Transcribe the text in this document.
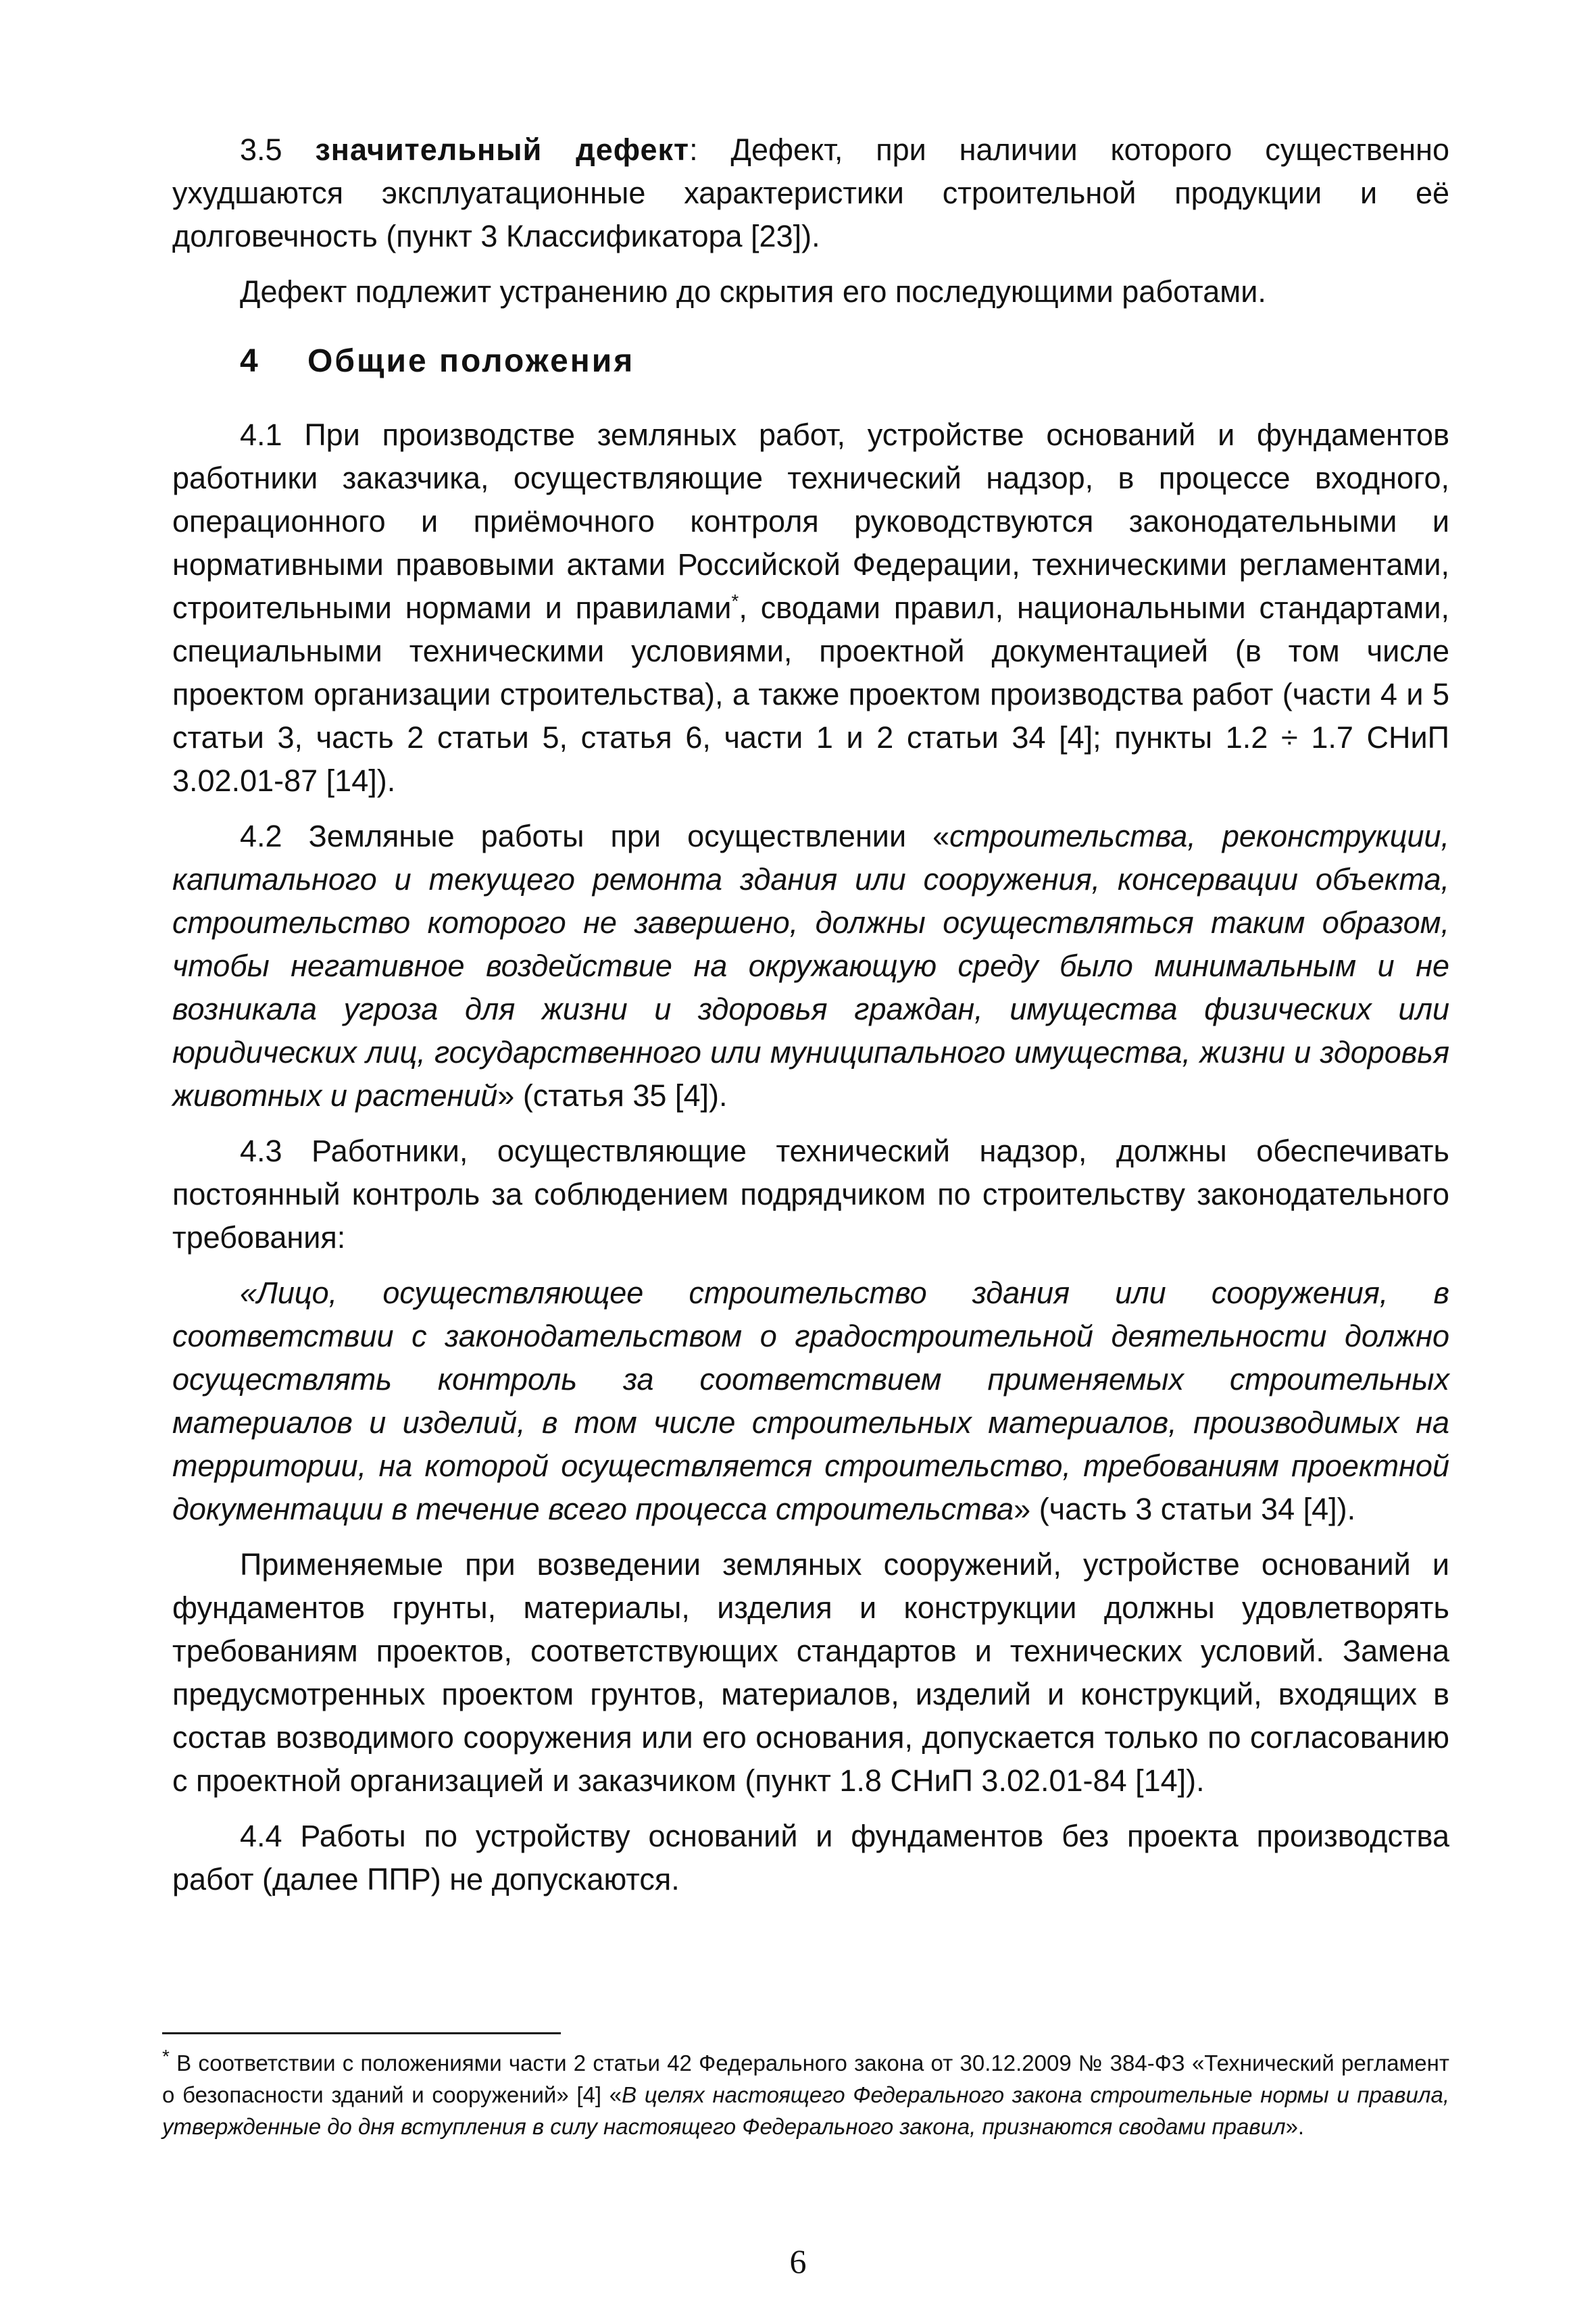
3.5 значительный дефект: Дефект, при наличии которого существенно ухудшаются эксплуатационные характеристики строительной продукции и её долговечность (пункт 3 Классификатора [23]).

Дефект подлежит устранению до скрытия его последующими работами.

4 Общие положения

4.1 При производстве земляных работ, устройстве оснований и фундаментов работники заказчика, осуществляющие технический надзор, в процессе входного, операционного и приёмочного контроля руководствуются законодательными и нормативными правовыми актами Российской Федерации, техническими регламентами, строительными нормами и правилами*, сводами правил, национальными стандартами, специальными техническими условиями, проектной документацией (в том числе проектом организации строительства), а также проектом производства работ (части 4 и 5 статьи 3, часть 2 статьи 5, статья 6, части 1 и 2 статьи 34 [4]; пункты 1.2 ÷ 1.7 СНиП 3.02.01-87 [14]).

4.2 Земляные работы при осуществлении «строительства, реконструкции, капитального и текущего ремонта здания или сооружения, консервации объекта, строительство которого не завершено, должны осуществляться таким образом, чтобы негативное воздействие на окружающую среду было минимальным и не возникала угроза для жизни и здоровья граждан, имущества физических или юридических лиц, государственного или муниципального имущества, жизни и здоровья животных и растений» (статья 35 [4]).

4.3 Работники, осуществляющие технический надзор, должны обеспечивать постоянный контроль за соблюдением подрядчиком по строительству законодательного требования:

«Лицо, осуществляющее строительство здания или сооружения, в соответствии с законодательством о градостроительной деятельности должно осуществлять контроль за соответствием применяемых строительных материалов и изделий, в том числе строительных материалов, производимых на территории, на которой осуществляется строительство, требованиям проектной документации в течение всего процесса строительства» (часть 3 статьи 34 [4]).

Применяемые при возведении земляных сооружений, устройстве оснований и фундаментов грунты, материалы, изделия и конструкции должны удовлетворять требованиям проектов, соответствующих стандартов и технических условий. Замена предусмотренных проектом грунтов, материалов, изделий и конструкций, входящих в состав возводимого сооружения или его основания, допускается только по согласованию с проектной организацией и заказчиком (пункт 1.8 СНиП 3.02.01-84 [14]).

4.4 Работы по устройству оснований и фундаментов без проекта производства работ (далее ППР) не допускаются.

* В соответствии с положениями части 2 статьи 42 Федерального закона от 30.12.2009 № 384-ФЗ «Технический регламент о безопасности зданий и сооружений» [4] «В целях настоящего Федерального закона строительные нормы и правила, утвержденные до дня вступления в силу настоящего Федерального закона, признаются сводами правил».

6
